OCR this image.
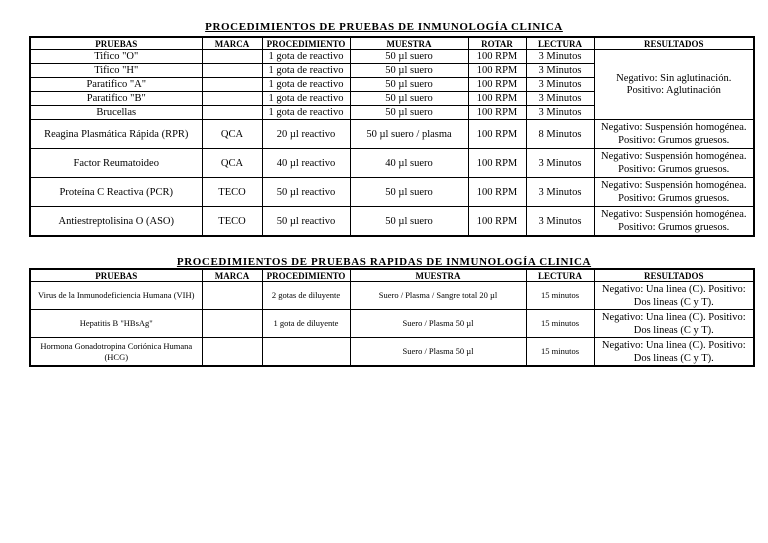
PROCEDIMIENTOS DE PRUEBAS DE INMUNOLOGÍA CLINICA
PRUEBAS	MARCA	PROCEDIMIENTO	MUESTRA	ROTAR	LECTURA	RESULTADOS
Tifico "O"		1 gota de reactivo	50 µl suero	100 RPM	3 Minutos	Negativo: Sin aglutinación.
Positivo: Aglutinación

Tifico "H"		1 gota de reactivo	50 µl suero	100 RPM	3 Minutos	
Paratifico "A"		1 gota de reactivo	50 µl suero	100 RPM	3 Minutos	
Paratifico "B"		1 gota de reactivo	50 µl suero	100 RPM	3 Minutos	
Brucellas		1 gota de reactivo	50 µl suero	100 RPM	3 Minutos	
Reagina Plasmática Rápida (RPR)	QCA	20 µl reactivo	50 µl suero / plasma	100 RPM	8 Minutos	Negativo: Suspensión homogénea.
Positivo: Grumos gruesos.

Factor Reumatoideo	QCA	40 µl reactivo	40 µl suero	100 RPM	3 Minutos	Negativo: Suspensión homogénea.
Positivo: Grumos gruesos.

Proteína C Reactiva (PCR)	TECO	50 µl reactivo	50 µl suero	100 RPM	3 Minutos	Negativo: Suspensión homogénea.
Positivo: Grumos gruesos.

Antiestreptolisina O (ASO)	TECO	50 µl reactivo	50 µl suero	100 RPM	3 Minutos	Negativo: Suspensión homogénea.
Positivo: Grumos gruesos.
PROCEDIMIENTOS DE PRUEBAS RAPIDAS DE INMUNOLOGÍA CLINICA
PRUEBAS	MARCA	PROCEDIMIENTO	MUESTRA	LECTURA	RESULTADOS
Virus de la Inmunodeficiencia Humana (VIH)		2 gotas de diluyente	Suero / Plasma / Sangre total 20 µl	15 minutos	Negativo: Una linea (C). Positivo:
Dos lineas (C y T).

Hepatitis B "HBsAg"		1 gota de diluyente	Suero / Plasma 50 µl	15 minutos	Negativo: Una linea (C). Positivo:
Dos lineas (C y T).

Hormona Gonadotropina Coriónica Humana (HCG)			Suero / Plasma 50 µl	15 minutos	Negativo: Una linea (C). Positivo:
Dos lineas (C y T).
